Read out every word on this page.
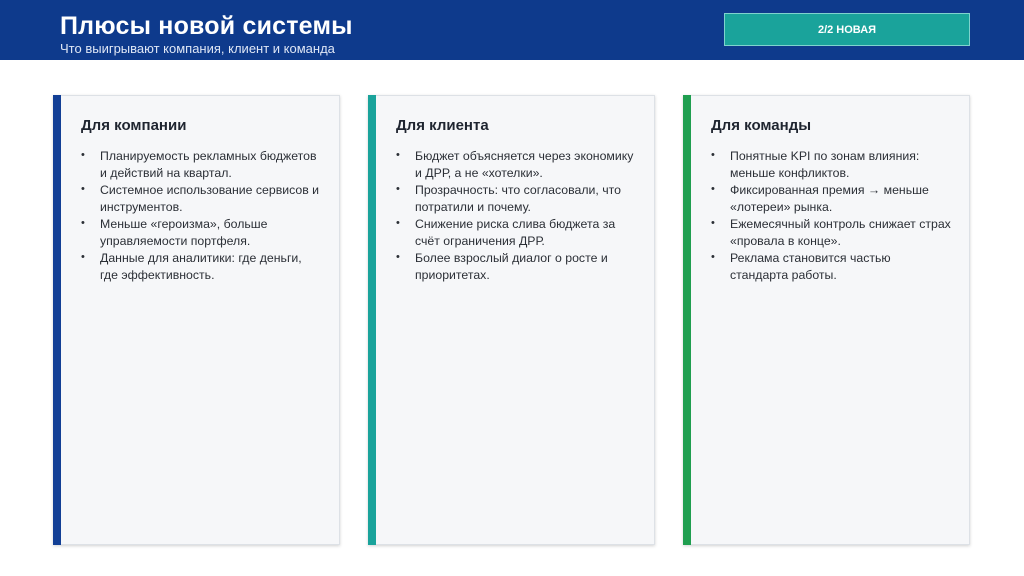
Плюсы новой системы
Что выигрывают компания, клиент и команда
2/2 НОВАЯ
Для компании
• Планируемость рекламных бюджетов и действий на квартал.
• Системное использование сервисов и инструментов.
• Меньше «героизма», больше управляемости портфеля.
• Данные для аналитики: где деньги, где эффективность.
Для клиента
• Бюджет объясняется через экономику и ДРР, а не «хотелки».
• Прозрачность: что согласовали, что потратили и почему.
• Снижение риска слива бюджета за счёт ограничения ДРР.
• Более взрослый диалог о росте и приоритетах.
Для команды
• Понятные KPI по зонам влияния: меньше конфликтов.
• Фиксированная премия → меньше «лотереи» рынка.
• Ежемесячный контроль снижает страх «провала в конце».
• Реклама становится частью стандарта работы.
